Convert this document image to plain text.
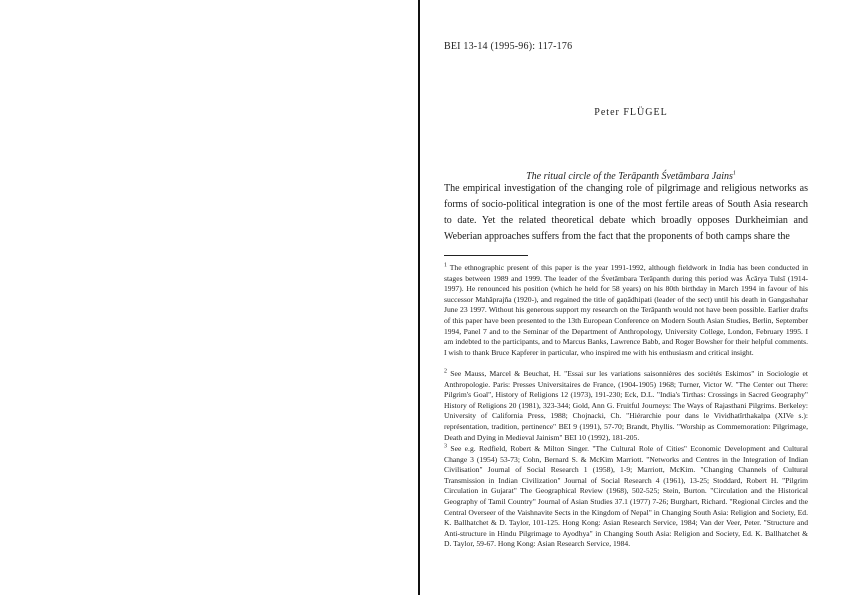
BEI 13-14 (1995-96): 117-176
Peter FLÜGEL
The ritual circle of the Terāpanth Śvetāmbara Jains$^1$

The empirical investigation of the changing role of pilgrimage and religious networks as forms of socio-political integration is one of the most fertile areas of South Asia research to date. Yet the related theoretical debate which broadly opposes Durkheimian and Weberian approaches suffers from the fact that the proponents of both camps share the

$^1$ The ethnographic present of this paper is the year 1991-1992, although fieldwork in India has been conducted in stages between 1989 and 1999. The leader of the Śvetāmbara Terāpanth during this period was Ācārya Tulsī (1914-1997). He renounced his position (which he held for 58 years) on his 80th birthday in March 1994 in favour of his successor Mahāprajña (1920-), and regained the title of gaṇādhipati (leader of the sect) until his death in Gangashahar June 23 1997. Without his generous support my research on the Terāpanth would not have been possible. Earlier drafts of this paper have been presented to the 13th European Conference on Modern South Asian Studies, Berlin, September 1994, Panel 7 and to the Seminar of the Department of Anthropology, University College, London, February 1995. I am indebted to the participants, and to Marcus Banks, Lawrence Babb, and Roger Bowsher for their helpful comments. I wish to thank Bruce Kapferer in particular, who inspired me with his enthusiasm and critical insight.

$^2$ See Mauss, Marcel & Beuchat, H. "Essai sur les variations saisonnières des sociétés Eskimos" in Sociologie et Anthropologie. Paris: Presses Universitaires de France, (1904-1905) 1968; Turner, Victor W. "The Center out There: Pilgrim's Goal", History of Religions 12 (1973), 191-230; Eck, D.L. "India's Tirthas: Crossings in Sacred Geography" History of Religions 20 (1981), 323-344; Gold, Ann G. Fruitful Journeys: The Ways of Rajasthani Pilgrims. Berkeley: University of California Press, 1988; Chojnacki, Ch. "Hiérarchie pour dans le Vividhatīrthakalpa (XIVe s.): représentation, tradition, pertinence" BEI 9 (1991), 57-70; Brandt, Phyllis. "Worship as Commemoration: Pilgrimage, Death and Dying in Medieval Jainism" BEI 10 (1992), 181-205.

$^3$ See e.g. Redfield, Robert & Milton Singer. "The Cultural Role of Cities" Economic Development and Cultural Change 3 (1954) 53-73; Cohn, Bernard S. & McKim Marriott. "Networks and Centres in the Integration of Indian Civilisation" Journal of Social Research 1 (1958), 1-9; Marriott, McKim. "Changing Channels of Cultural Transmission in Indian Civilization" Journal of Social Research 4 (1961), 13-25; Stoddard, Robert H. "Pilgrim Circulation in Gujarat" The Geographical Review (1968), 502-525; Stein, Burton. "Circulation and the Historical Geography of Tamil Country" Journal of Asian Studies 37.1 (1977) 7-26; Burghart, Richard. "Regional Circles and the Central Overseer of the Vaishnavite Sects in the Kingdom of Nepal" in Changing South Asia: Religion and Society, Ed. K. Ballhatchet & D. Taylor, 101-125. Hong Kong: Asian Research Service, 1984; Van der Veer, Peter. "Structure and Anti-structure in Hindu Pilgrimage to Ayodhya" in Changing South Asia: Religion and Society, Ed. K. Ballhatchet & D. Taylor, 59-67. Hong Kong: Asian Research Service, 1984.
